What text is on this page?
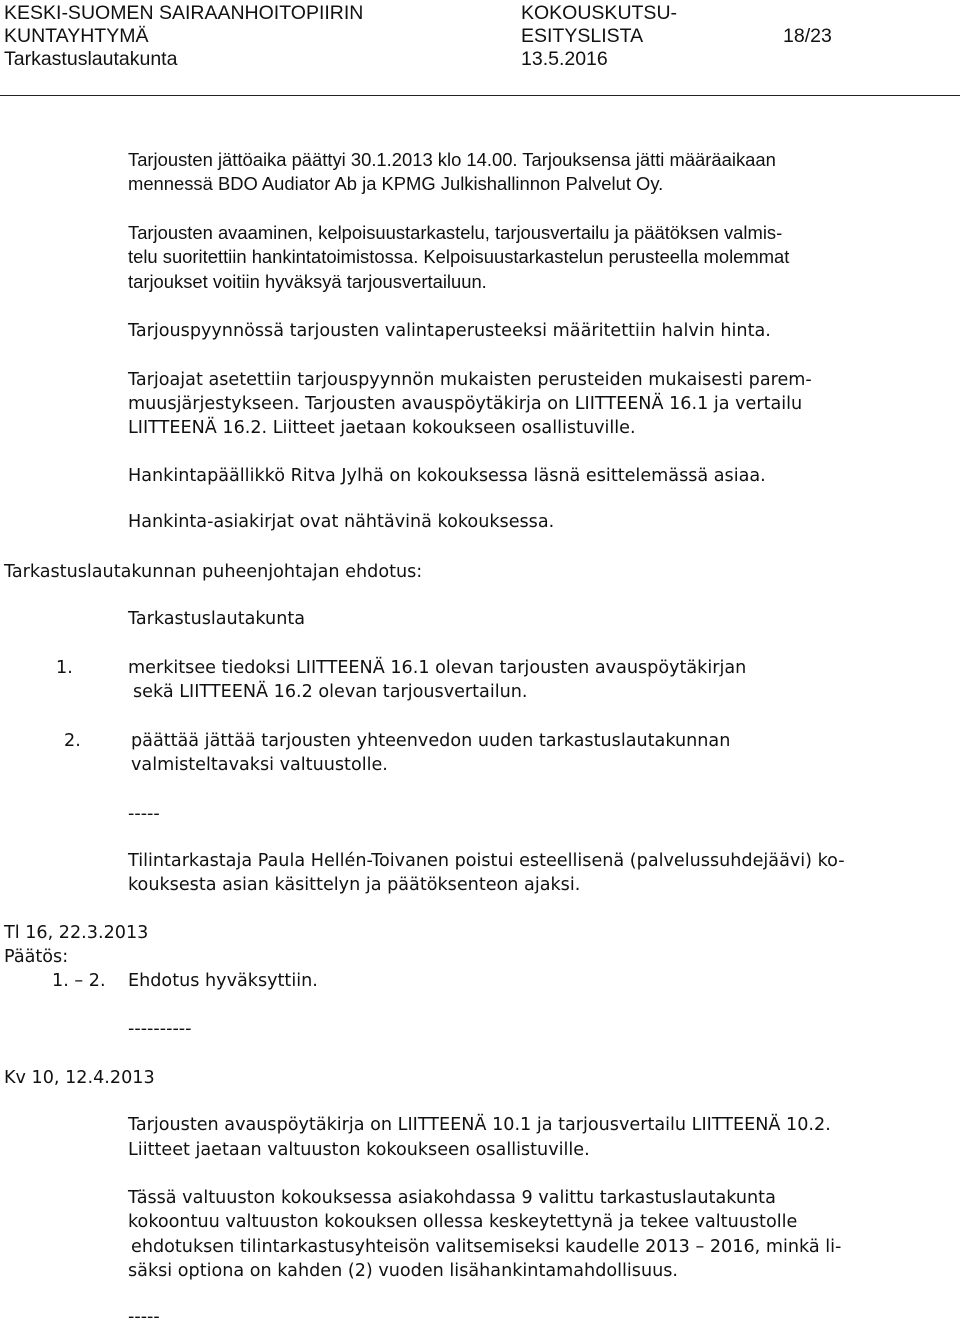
KESKI-SUOMEN SAIRAANHOITOPIIRIN
KUNTAYHTYMÄ
Tarkastuslautakunta
KOKOUSKUTSU-
ESITYSLISTA
13.5.2016
18/23
Tarjousten jättöaika päättyi 30.1.2013 klo 14.00. Tarjouksensa jätti määräaikaan
mennessä BDO Audiator Ab ja KPMG Julkishallinnon Palvelut Oy.
Tarjousten avaaminen, kelpoisuustarkastelu, tarjousvertailu ja päätöksen valmis-
telu suoritettiin hankintatoimistossa. Kelpoisuustarkastelun perusteella molemmat
tarjoukset voitiin hyväksyä tarjousvertailuun.
Tarjouspyynnössä tarjousten valintaperusteeksi määritettiin halvin hinta.
Tarjoajat asetettiin tarjouspyynnön mukaisten perusteiden mukaisesti parem-
muusjärjestykseen. Tarjousten avauspöytäkirja on LIITTEENÄ 16.1 ja vertailu
LIITTEENÄ 16.2. Liitteet jaetaan kokoukseen osallistuville.
Hankintapäällikkö Ritva Jylhä on kokouksessa läsnä esittelemässä asiaa.
Hankinta-asiakirjat ovat nähtävinä kokouksessa.
Tarkastuslautakunnan puheenjohtajan ehdotus:
Tarkastuslautakunta
1.	merkitsee tiedoksi LIITTEENÄ 16.1 olevan tarjousten avauspöytäkirjan
sekä LIITTEENÄ 16.2 olevan tarjousvertailun.
2.	päättää jättää tarjousten yhteenvedon uuden tarkastuslautakunnan
valmisteltavaksi valtuustolle.
-----
Tilintarkastaja Paula Hellén-Toivanen poistui esteellisenä (palvelussuhdejäävi) ko-
kouksesta asian käsittelyn ja päätöksenteon ajaksi.
Tl 16, 22.3.2013
Päätös:
1. – 2. Ehdotus hyväksyttiin.
----------
Kv 10, 12.4.2013
Tarjousten avauspöytäkirja on LIITTEENÄ 10.1 ja tarjousvertailu LIITTEENÄ 10.2.
Liitteet jaetaan valtuuston kokoukseen osallistuville.
Tässä valtuuston kokouksessa asiakohdassa 9 valittu tarkastuslautakunta
kokoontuu valtuuston kokouksen ollessa keskeytettynä ja tekee valtuustolle
ehdotuksen tilintarkastusyhteisön valitsemiseksi kaudelle 2013 – 2016, minkä li-
säksi optiona on kahden (2) vuoden lisähankintamahdollisuus.
-----
